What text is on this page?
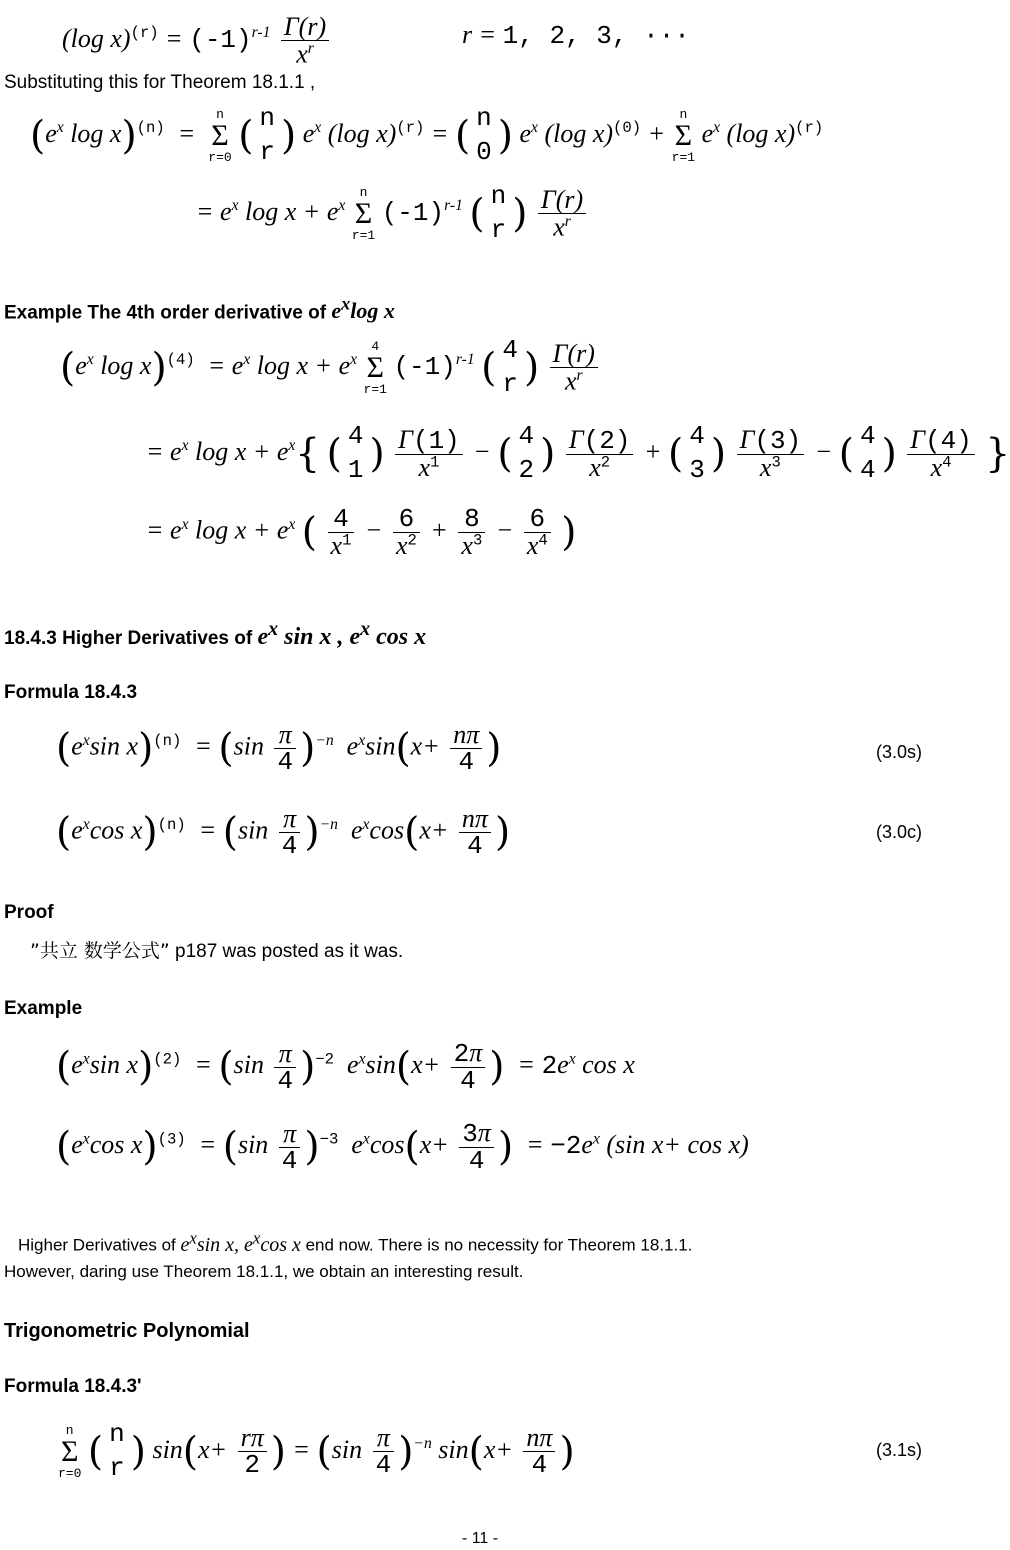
(log $x)^{(r)} = (-1)^{r-1} \frac{\Gamma(r)}{x^r}$	r = 1, 2, 3, ···
Substituting this for Theorem 18.1.1 ,
($e^x$ log x)$^{(n)}$  =
n
Σ
r=0 ( n
r ) $e^x$ (log x)$^{(r)}$ = ( n
0 ) $e^x$ (log x)$^{(0)}$ +
n
Σ
r=1
$e^x$ (log x)$^{(r)}$
= $e^x$ $\log x + e^x$
n
Σ
r=1
$(-1)^{r-1}$ ( n
r ) $\frac{\Gamma(r)}{x^r}$
Example The 4th order derivative of $e^x\log$ x
($e^x$ $\log x)^{(4)} = e^x$ $\log x + e^x$
4
Σ
r=1
$(-1)^{r-1}$ ( 4
r ) $\frac{\Gamma(r)}{x^r}$
= $e^x$ $\log x + e^x${ ( 4
1 ) $\frac{\Gamma(1)}{x^1}$ − ( 4
2 ) $\frac{\Gamma(2)}{x^2}$ + ( 4
3 ) $\frac{\Gamma(3)}{x^3}$ − ( 4
4 ) $\frac{\Gamma(4)}{x^4}$ }
= $e^x$ $\log x + e^x$ ( $\frac{4}{x^1} - \frac{6}{x^2} + \frac{8}{x^3} - \frac{6}{x^4}$ )
18.4.3 Higher Derivatives of $e^x$ sin x , $e^x$ cos x
Formula 18.4.3
($e^x\sin$ $x)^{(n)} = (\sin \frac{\pi}{4} )^{-n}$  $e^x\sin(x+ \frac{n\pi}{4}$ )	(3.0s)
($e^x\cos$ $x)^{(n)} = (\sin \frac{\pi}{4} )^{-n}$  $e^x\cos(x+ \frac{n\pi}{4}$ )	(3.0c)
Proof
”共立 数学公式” p187 was posted as it was.
Example
($e^x\sin$ $x)^{(2)} = (\sin \frac{\pi}{4} )^{-2}$  $e^x\sin(x+ \frac{2\pi}{4}$ )  = $2e^x$ cos x
($e^x\cos$ $x)^{(3)} = (\sin \frac{\pi}{4} )^{-3}$  $e^x\cos(x+ \frac{3\pi}{4}$ )  = $-2e^x$ (sin x+ cos x)
Higher Derivatives of $e^x\sin$ x, $e^x\cos$ x end now. There is no necessity for Theorem 18.1.1.
However, daring use Theorem 18.1.1, we obtain an interesting result.
Trigonometric Polynomial
Formula 18.4.3'
n
Σ
r=0 ( n
r ) $\sin(x+ \frac{r\pi}{2}$ ) = $(\sin \frac{\pi}{4} )^{-n}$ $\sin(x+ \frac{n\pi}{4}$ )	(3.1s)
- 11 -
